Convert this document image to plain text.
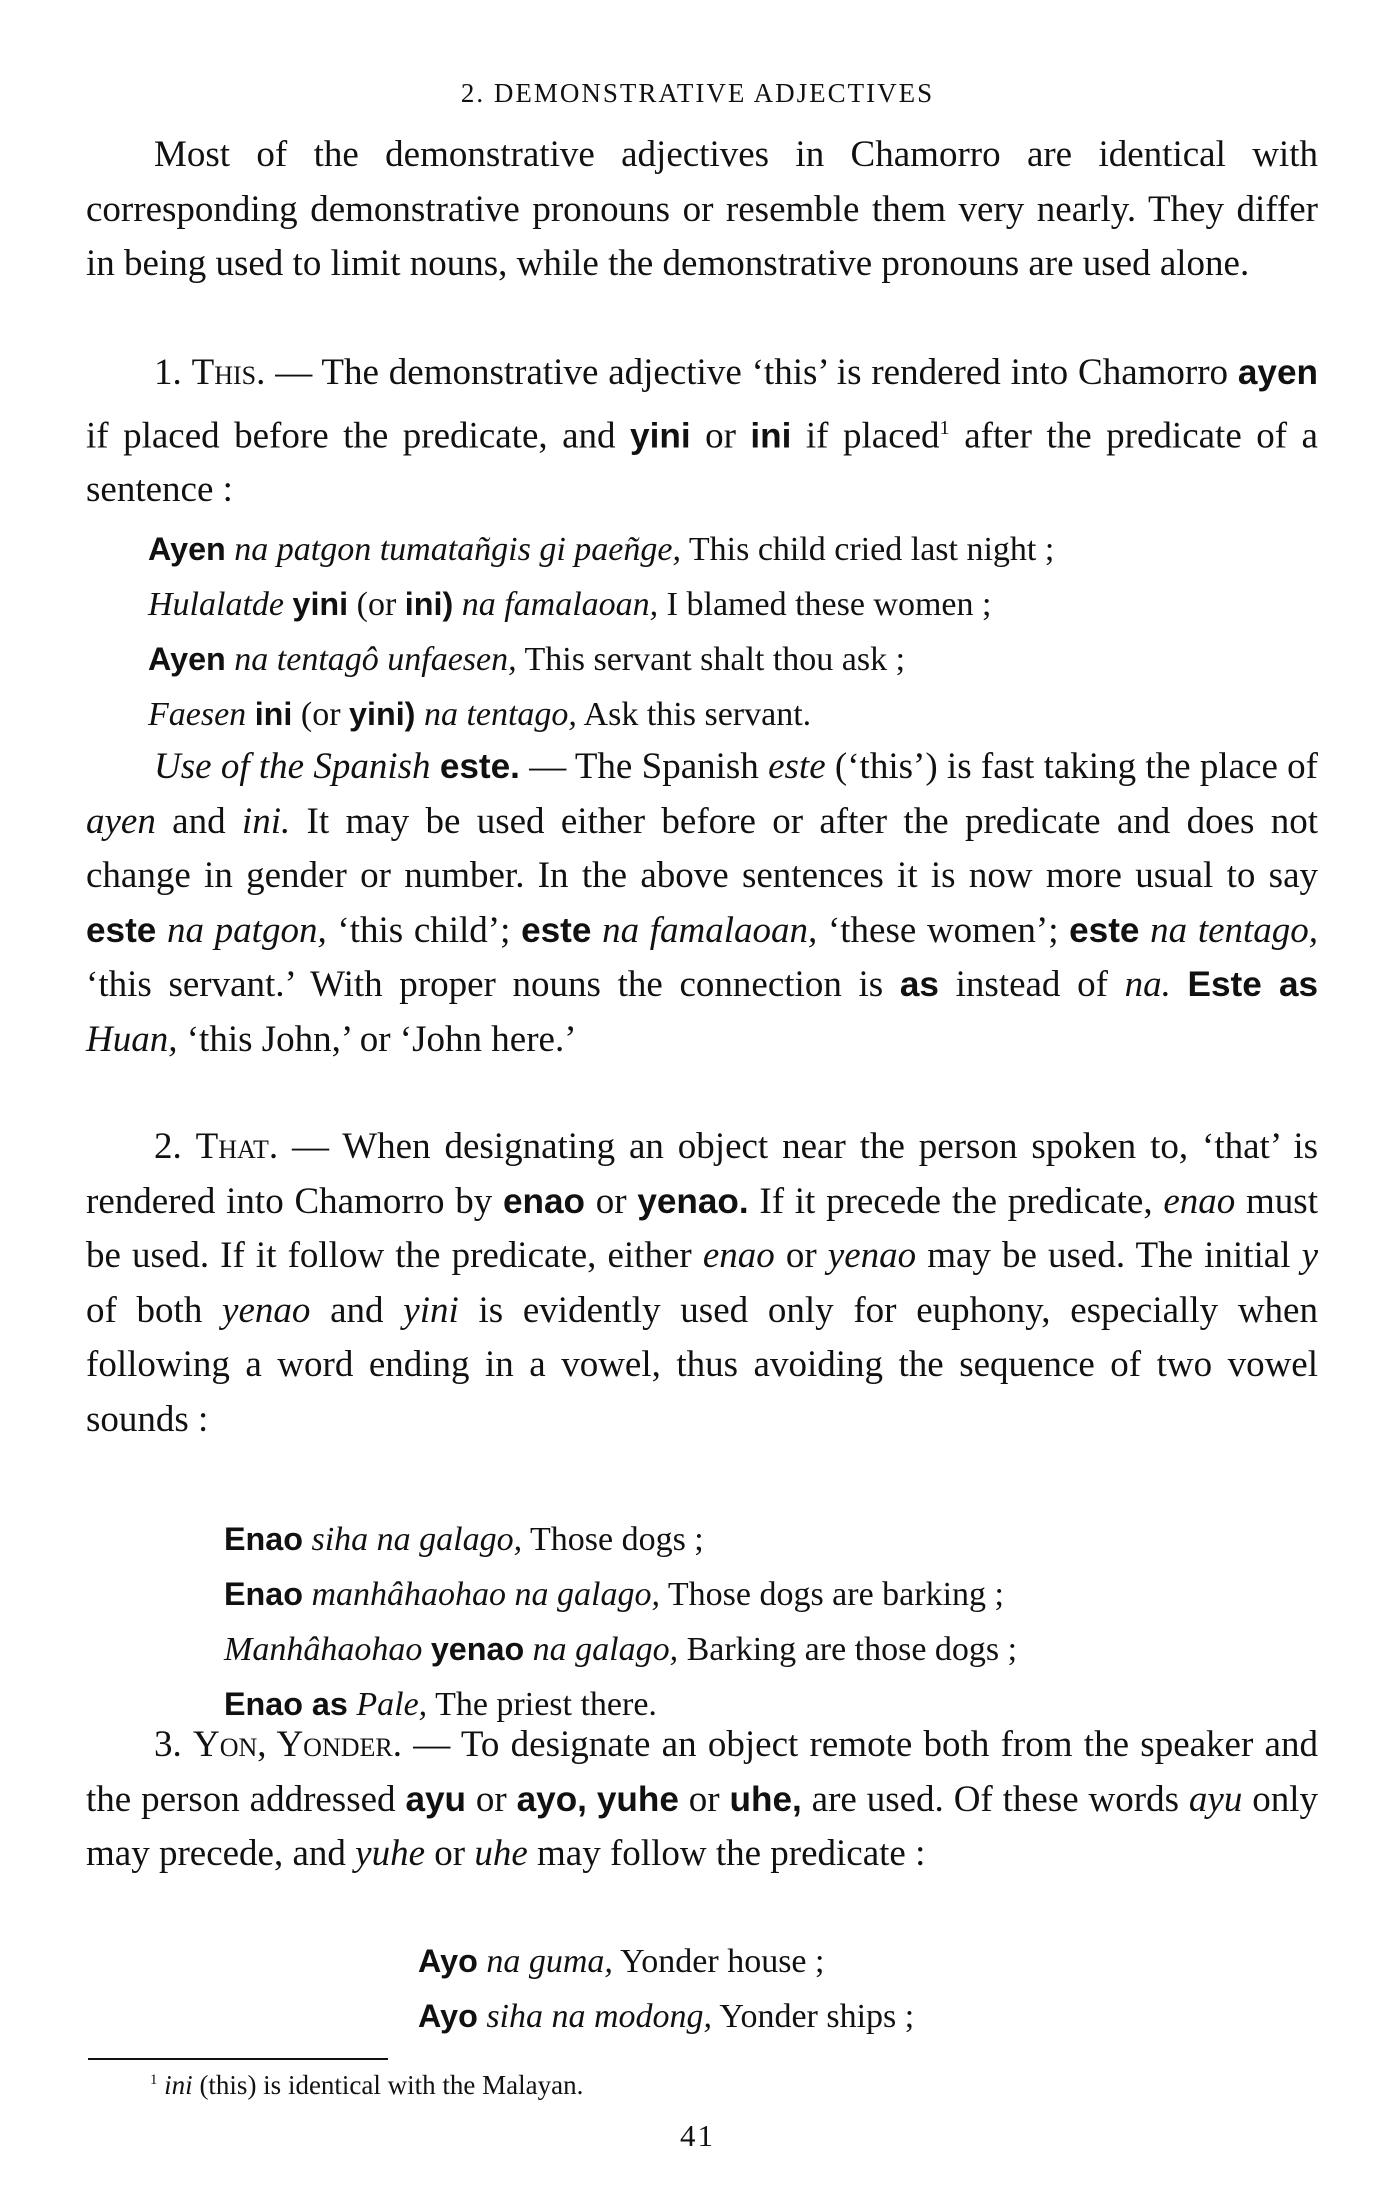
2. DEMONSTRATIVE ADJECTIVES

Most of the demonstrative adjectives in Chamorro are identical with corresponding demonstrative pronouns or resemble them very nearly. They differ in being used to limit nouns, while the demonstrative pronouns are used alone.

1. This. — The demonstrative adjective ‘this’ is rendered into Chamorro ayen if placed before the predicate, and yini or ini if placed$^1$ after the predicate of a sentence :

Ayen na patgon tumatañgis gi paeñge, This child cried last night ;
Hulalatde yini (or ini) na famalaoan, I blamed these women ;
Ayen na tentagô unfaesen, This servant shalt thou ask ;
Faesen ini (or yini) na tentago, Ask this servant.

Use of the Spanish este. — The Spanish este (‘this’) is fast taking the place of ayen and ini. It may be used either before or after the predicate and does not change in gender or number. In the above sentences it is now more usual to say este na patgon, ‘this child’; este na famalaoan, ‘these women’; este na tentago, ‘this servant.’ With proper nouns the connection is as instead of na. Este as Huan, ‘this John,’ or ‘John here.’

2. That. — When designating an object near the person spoken to, ‘that’ is rendered into Chamorro by enao or yenao. If it precede the predicate, enao must be used. If it follow the predicate, either enao or yenao may be used. The initial y of both yenao and yini is evidently used only for euphony, especially when following a word ending in a vowel, thus avoiding the sequence of two vowel sounds :

Enao siha na galago, Those dogs ;
Enao manhâhaohao na galago, Those dogs are barking ;
Manhâhaohao yenao na galago, Barking are those dogs ;
Enao as Pale, The priest there.

3. Yon, Yonder. — To designate an object remote both from the speaker and the person addressed ayu or ayo, yuhe or uhe, are used. Of these words ayu only may precede, and yuhe or uhe may follow the predicate :

Ayo na guma, Yonder house ;
Ayo siha na modong, Yonder ships ;
$^1$ ini (this) is identical with the Malayan.
41
